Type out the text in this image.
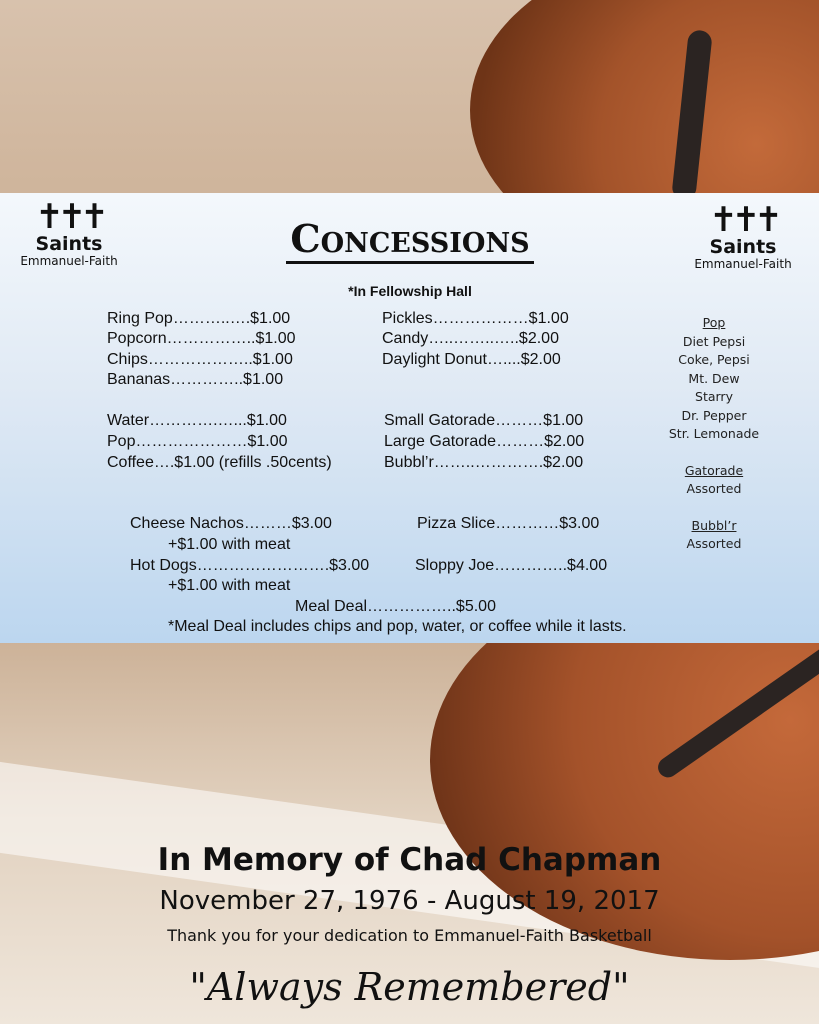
✝✝✝
Saints
Emmanuel-Faith
✝✝✝
Saints
Emmanuel-Faith
Concessions
*In Fellowship Hall
Ring Pop………..….$1.00
Popcorn……………..$1.00
Chips………………..$1.00
Bananas…………..$1.00
Water………….…...$1.00
Pop…………………$1.00
Coffee….$1.00 (refills .50cents)
Pickles………………$1.00
Candy…..……..…..$2.00
Daylight Donut…....$2.00
Small Gatorade………$1.00
Large Gatorade………$2.00
Bubbl’r……..………….$2.00
Cheese Nachos………$3.00
+$1.00 with meat
Pizza Slice…………$3.00
Hot Dogs…………………….$3.00
+$1.00 with meat
Sloppy Joe…………..$4.00
Meal Deal……………..$5.00
*Meal Deal includes chips and pop, water, or coffee while it lasts.
Pop
Diet Pepsi
Coke, Pepsi
Mt. Dew
Starry
Dr. Pepper
Str. Lemonade
Gatorade
Assorted
Bubbl’r
Assorted
In Memory of Chad Chapman
November 27, 1976 - August 19, 2017
Thank you for your dedication to Emmanuel-Faith Basketball
"Always Remembered"
